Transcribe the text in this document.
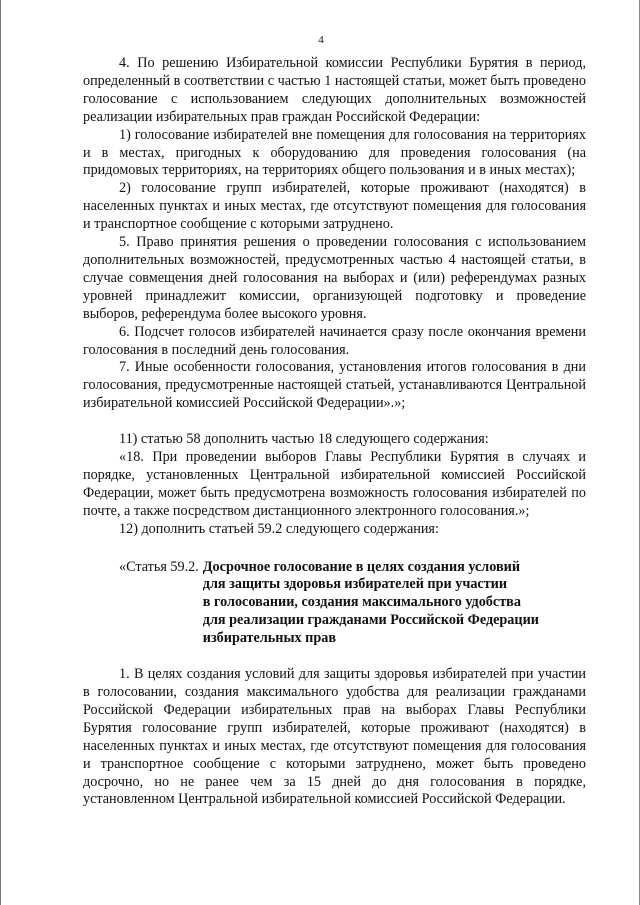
4

4. По решению Избирательной комиссии Республики Бурятия в период, определенный в соответствии с частью 1 настоящей статьи, может быть проведено голосование с использованием следующих дополнительных возможностей реализации избирательных прав граждан Российской Федерации:

1) голосование избирателей вне помещения для голосования на территориях и в местах, пригодных к оборудованию для проведения голосования (на придомовых территориях, на территориях общего пользования и в иных местах);

2) голосование групп избирателей, которые проживают (находятся) в населенных пунктах и иных местах, где отсутствуют помещения для голосования и транспортное сообщение с которыми затруднено.

5. Право принятия решения о проведении голосования с использованием дополнительных возможностей, предусмотренных частью 4 настоящей статьи, в случае совмещения дней голосования на выборах и (или) референдумах разных уровней принадлежит комиссии, организующей подготовку и проведение выборов, референдума более высокого уровня.

6. Подсчет голосов избирателей начинается сразу после окончания времени голосования в последний день голосования.

7. Иные особенности голосования, установления итогов голосования в дни голосования, предусмотренные настоящей статьей, устанавливаются Центральной избирательной комиссией Российской Федерации».»;

11) статью 58 дополнить частью 18 следующего содержания:

«18. При проведении выборов Главы Республики Бурятия в случаях и порядке, установленных Центральной избирательной комиссией Российской Федерации, может быть предусмотрена возможность голосования избирателей по почте, а также посредством дистанционного электронного голосования.»;

12) дополнить статьей 59.2 следующего содержания:

«Статья 59.2. Досрочное голосование в целях создания условий
для защиты здоровья избирателей при участии
в голосовании, создания максимального удобства
для реализации гражданами Российской Федерации
избирательных прав

1. В целях создания условий для защиты здоровья избирателей при участии в голосовании, создания максимального удобства для реализации гражданами Российской Федерации избирательных прав на выборах Главы Республики Бурятия голосование групп избирателей, которые проживают (находятся) в населенных пунктах и иных местах, где отсутствуют помещения для голосования и транспортное сообщение с которыми затруднено, может быть проведено досрочно, но не ранее чем за 15 дней до дня голосования в порядке, установленном Центральной избирательной комиссией Российской Федерации.
